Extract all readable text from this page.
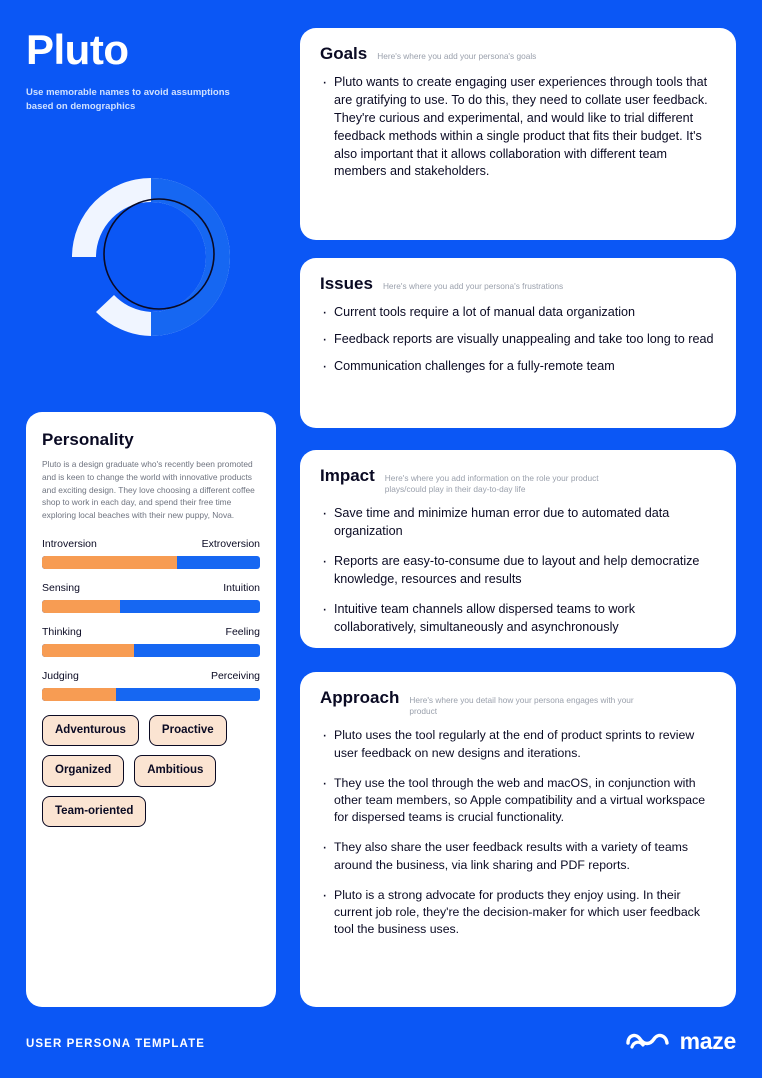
Pluto
Use memorable names to avoid assumptions based on demographics
Personality
Pluto is a design graduate who's recently been promoted and is keen to change the world with innovative products and exciting design. They love choosing a different coffee shop to work in each day, and spend their free time exploring local beaches with their new puppy, Nova.
Introversion	Extroversion
Sensing	Intuition
Thinking	Feeling
Judging	Perceiving
Adventurous	Proactive
Organized	Ambitious
Team-oriented
Goals Here's where you add your persona's goals
· Pluto wants to create engaging user experiences through tools that are gratifying to use. To do this, they need to collate user feedback. They're curious and experimental, and would like to trial different feedback methods within a single product that fits their budget. It's also important that it allows collaboration with different team members and stakeholders.
Issues Here's where you add your persona's frustrations
· Current tools require a lot of manual data organization
· Feedback reports are visually unappealing and take too long to read
· Communication challenges for a fully-remote team
Impact Here's where you add information on the role your product plays/could play in their day-to-day life
· Save time and minimize human error due to automated data organization
· Reports are easy-to-consume due to layout and help democratize knowledge, resources and results
· Intuitive team channels allow dispersed teams to work collaboratively, simultaneously and asynchronously
Approach Here's where you detail how your persona engages with your product
· Pluto uses the tool regularly at the end of product sprints to review user feedback on new designs and iterations.
· They use the tool through the web and macOS, in conjunction with other team members, so Apple compatibility and a virtual workspace for dispersed teams is crucial functionality.
· They also share the user feedback results with a variety of teams around the business, via link sharing and PDF reports.
· Pluto is a strong advocate for products they enjoy using. In their current job role, they're the decision-maker for which user feedback tool the business uses.
USER PERSONA TEMPLATE	maze
